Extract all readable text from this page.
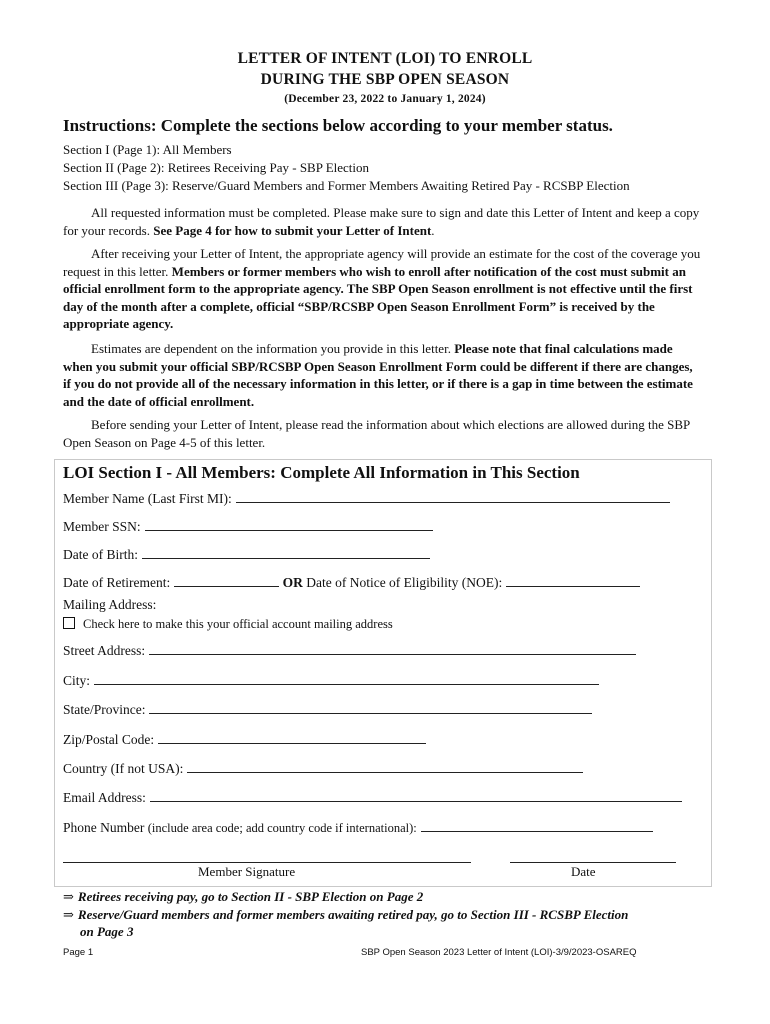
LETTER OF INTENT (LOI) TO ENROLL
DURING THE SBP OPEN SEASON
(December 23, 2022 to January 1, 2024)
Instructions: Complete the sections below according to your member status.
Section I (Page 1): All Members
Section II (Page 2): Retirees Receiving Pay - SBP Election
Section III (Page 3): Reserve/Guard Members and Former Members Awaiting Retired Pay - RCSBP Election
All requested information must be completed. Please make sure to sign and date this Letter of Intent and keep a copy for your records. See Page 4 for how to submit your Letter of Intent.
After receiving your Letter of Intent, the appropriate agency will provide an estimate for the cost of the coverage you request in this letter. Members or former members who wish to enroll after notification of the cost must submit an official enrollment form to the appropriate agency. The SBP Open Season enrollment is not effective until the first day of the month after a complete, official “SBP/RCSBP Open Season Enrollment Form” is received by the appropriate agency.
Estimates are dependent on the information you provide in this letter. Please note that final calculations made when you submit your official SBP/RCSBP Open Season Enrollment Form could be different if there are changes, if you do not provide all of the necessary information in this letter, or if there is a gap in time between the estimate and the date of official enrollment.
Before sending your Letter of Intent, please read the information about which elections are allowed during the SBP Open Season on Page 4-5 of this letter.
LOI Section I - All Members: Complete All Information in This Section
Member Name (Last First MI):
Member SSN:
Date of Birth:
Date of Retirement:	OR Date of Notice of Eligibility (NOE):
Mailing Address:
Check here to make this your official account mailing address
Street Address:
City:
State/Province:
Zip/Postal Code:
Country (If not USA):
Email Address:
Phone Number (include area code; add country code if international):
Member Signature	Date
⇒ Retirees receiving pay, go to Section II - SBP Election on Page 2
⇒ Reserve/Guard members and former members awaiting retired pay, go to Section III - RCSBP Election
on Page 3
Page 1	SBP Open Season 2023 Letter of Intent (LOI)-3/9/2023-OSAREQ
